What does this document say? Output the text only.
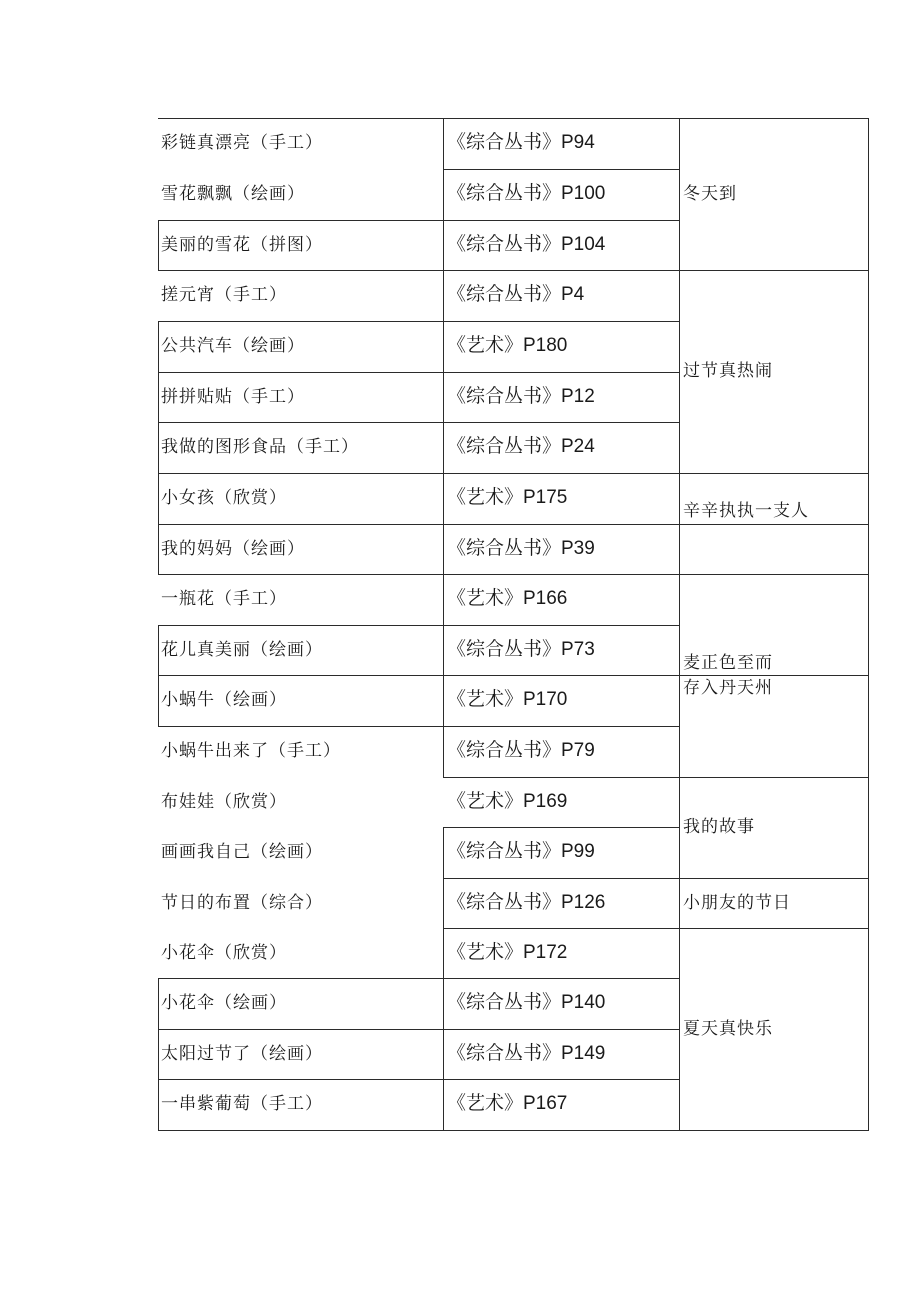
彩链真漂亮（手工）
雪花飘飘（绘画）
美丽的雪花（拼图）
搓元宵（手工）
公共汽车（绘画）
拼拼贴贴（手工）
我做的图形食品（手工）
小女孩（欣赏）
我的妈妈（绘画）
一瓶花（手工）
花儿真美丽（绘画）
小蜗牛（绘画）
小蜗牛出来了（手工）
布娃娃（欣赏）
画画我自己（绘画）
节日的布置（综合）
小花伞（欣赏）
小花伞（绘画）
太阳过节了（绘画）
一串紫葡萄（手工）
《综合丛书》P94
《综合丛书》P100
《综合丛书》P104
《综合丛书》P4
《艺术》P180
《综合丛书》P12
《综合丛书》P24
《艺术》P175
《综合丛书》P39
《艺术》P166
《综合丛书》P73
《艺术》P170
《综合丛书》P79
《艺术》P169
《综合丛书》P99
《综合丛书》P126
《艺术》P172
《综合丛书》P140
《综合丛书》P149
《艺术》P167
冬天到
过节真热闹
辛辛执执一支人
麦正色至而
存入丹天州
我的故事
小朋友的节日
夏天真快乐
